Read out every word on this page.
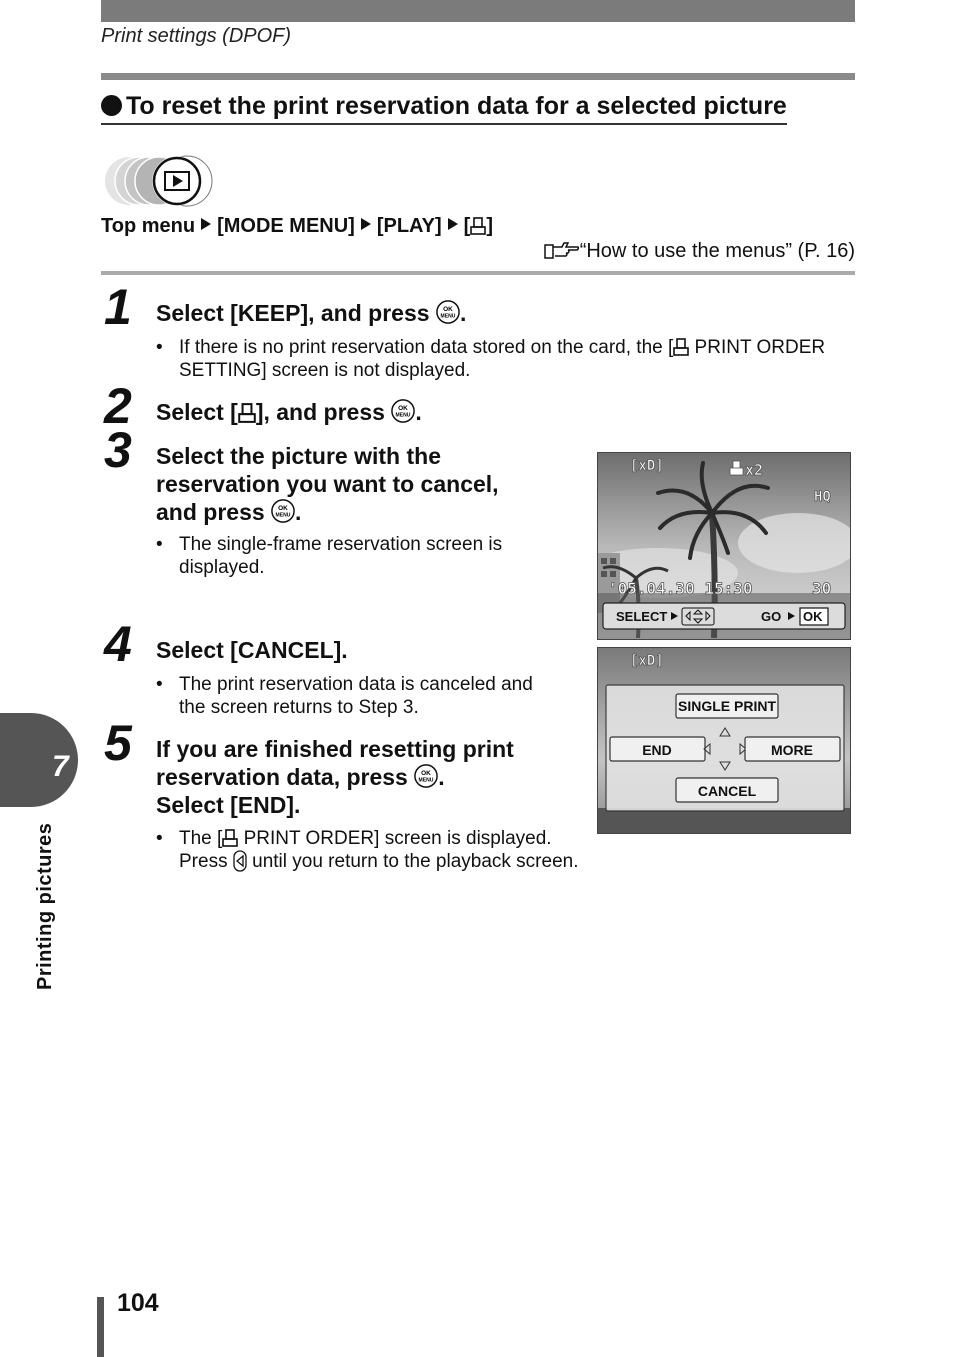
Print settings (DPOF)
To reset the print reservation data for a selected picture
Top menu [MODE MENU] [PLAY] [ ]
“How to use the menus” (P. 16)
1 Select [KEEP], and press OK
MENU .
• If there is no print reservation data stored on the card, the [ PRINT ORDER SETTING] screen is not displayed.
2 Select [ ], and press OK
MENU .
3 Select the picture with the
reservation you want to cancel,
and press OK
MENU .
• The single-frame reservation screen is displayed.
4 Select [CANCEL].
• The print reservation data is canceled and the screen returns to Step 3.
5 If you are finished resetting print
reservation data, press OK
MENU .
Select [END].
• The [ PRINT ORDER] screen is displayed.
Press  until you return to the playback screen.
[xD]	x2
HQ
'05.04.30 15:30	30
SELECT	GO OK
[xD]
SINGLE PRINT
END	MORE
CANCEL
7
Printing pictures
104
